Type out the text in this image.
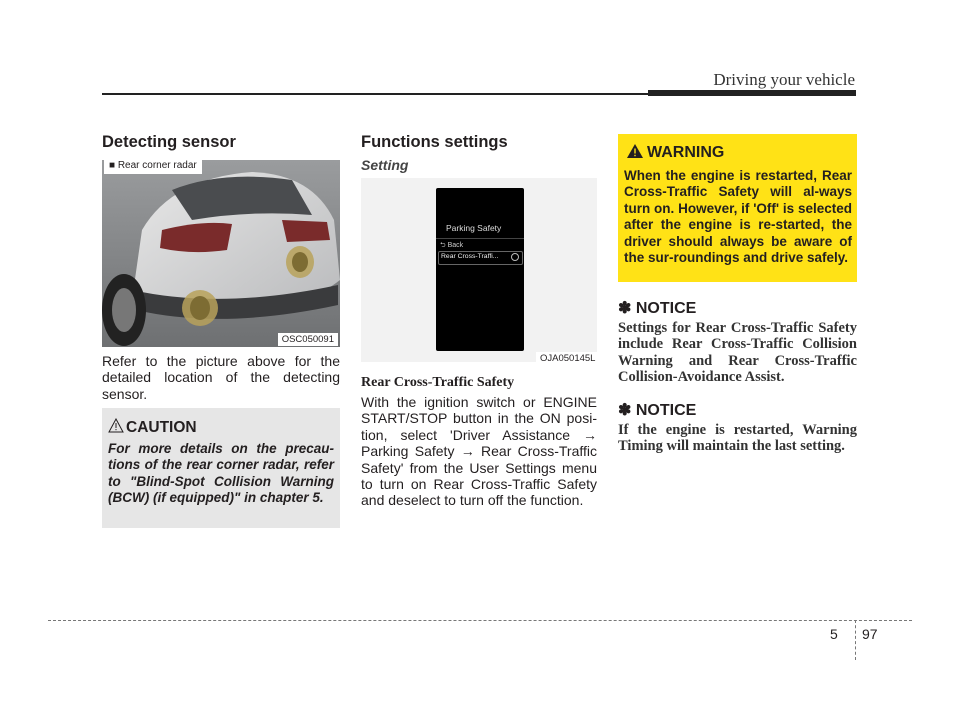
Driving your vehicle
Detecting sensor
■ Rear corner radar
OSC050091
Refer to the picture above for the detailed location of the detecting sensor.
CAUTION
For more details on the precau-tions of the rear corner radar, refer to "Blind-Spot Collision Warning (BCW) (if equipped)" in chapter 5.
Functions settings
Setting
Parking Safety
⮌ Back
Rear Cross-Traffi...
OJA050145L
Rear Cross-Traffic Safety
With the ignition switch or ENGINE START/STOP button in the ON posi-tion, select 'Driver Assistance → Parking Safety → Rear Cross-Traffic Safety' from the User Settings menu to turn on Rear Cross-Traffic Safety and deselect to turn off the function.
WARNING
When the engine is restarted, Rear Cross-Traffic Safety will al-ways turn on. However, if 'Off' is selected after the engine is re-started, the driver should always be aware of the sur-roundings and drive safely.
✽ NOTICE
Settings for Rear Cross-Traffic Safety include Rear Cross-Traffic Collision Warning and Rear Cross-Traffic Collision-Avoidance Assist.
✽ NOTICE
If the engine is restarted, Warning Timing will maintain the last setting.
5 97
